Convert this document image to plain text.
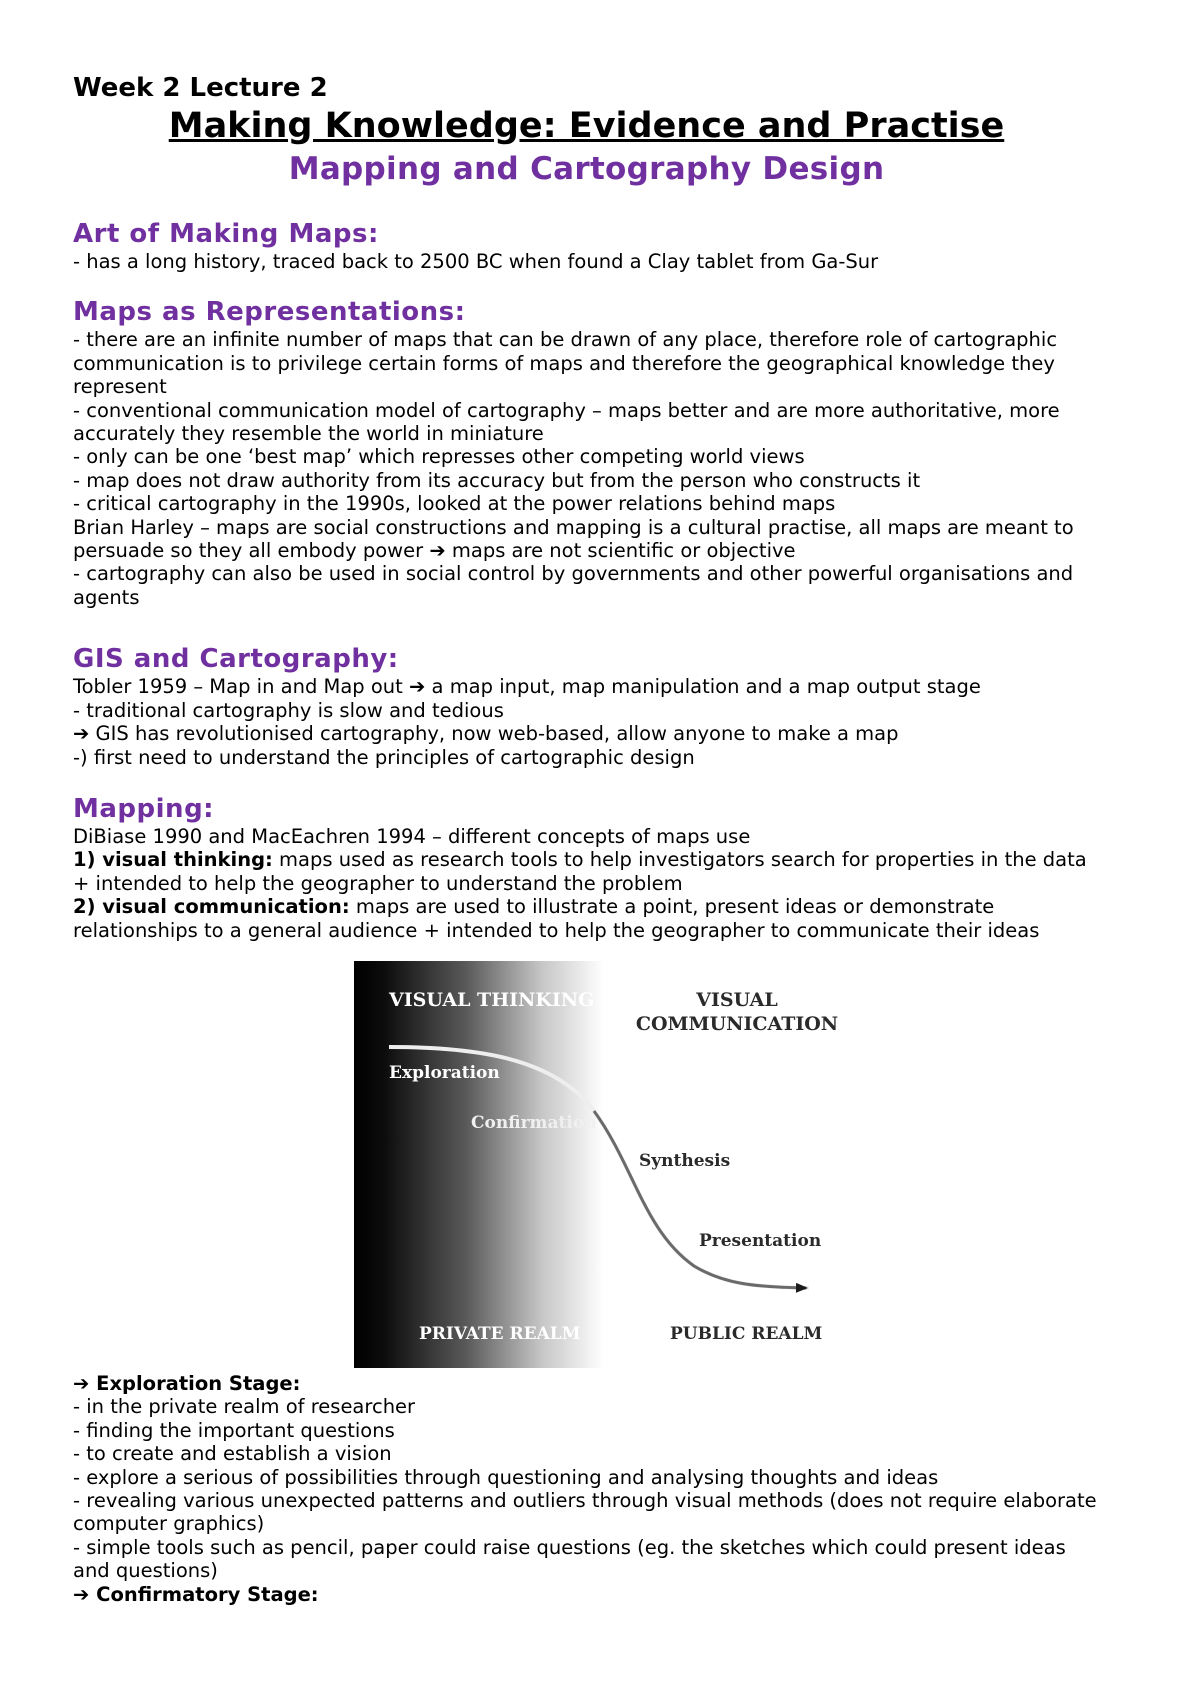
Week 2 Lecture 2

Making Knowledge: Evidence and Practise

Mapping and Cartography Design

Art of Making Maps:

- has a long history, traced back to 2500 BC when found a Clay tablet from Ga-Sur

Maps as Representations:

- there are an infinite number of maps that can be drawn of any place, therefore role of cartographic communication is to privilege certain forms of maps and therefore the geographical knowledge they represent

- conventional communication model of cartography – maps better and are more authoritative, more accurately they resemble the world in miniature

- only can be one ‘best map’ which represses other competing world views

- map does not draw authority from its accuracy but from the person who constructs it

- critical cartography in the 1990s, looked at the power relations behind maps

Brian Harley – maps are social constructions and mapping is a cultural practise, all maps are meant to persuade so they all embody power ➔ maps are not scientific or objective

- cartography can also be used in social control by governments and other powerful organisations and agents

GIS and Cartography:

Tobler 1959 – Map in and Map out ➔ a map input, map manipulation and a map output stage

- traditional cartography is slow and tedious

➔ GIS has revolutionised cartography, now web-based, allow anyone to make a map

-) first need to understand the principles of cartographic design

Mapping:

DiBiase 1990 and MacEachren 1994 – different concepts of maps use

1) visual thinking: maps used as research tools to help investigators search for properties in the data + intended to help the geographer to understand the problem

2) visual communication: maps are used to illustrate a point, present ideas or demonstrate relationships to a general audience + intended to help the geographer to communicate their ideas

VISUAL THINKING	VISUAL
COMMUNICATION
Exploration
Confirmation
Synthesis
Presentation
PRIVATE REALM	PUBLIC REALM

➔ Exploration Stage:

- in the private realm of researcher

- finding the important questions

- to create and establish a vision

- explore a serious of possibilities through questioning and analysing thoughts and ideas

- revealing various unexpected patterns and outliers through visual methods (does not require elaborate computer graphics)

- simple tools such as pencil, paper could raise questions (eg. the sketches which could present ideas and questions)

➔ Confirmatory Stage:
